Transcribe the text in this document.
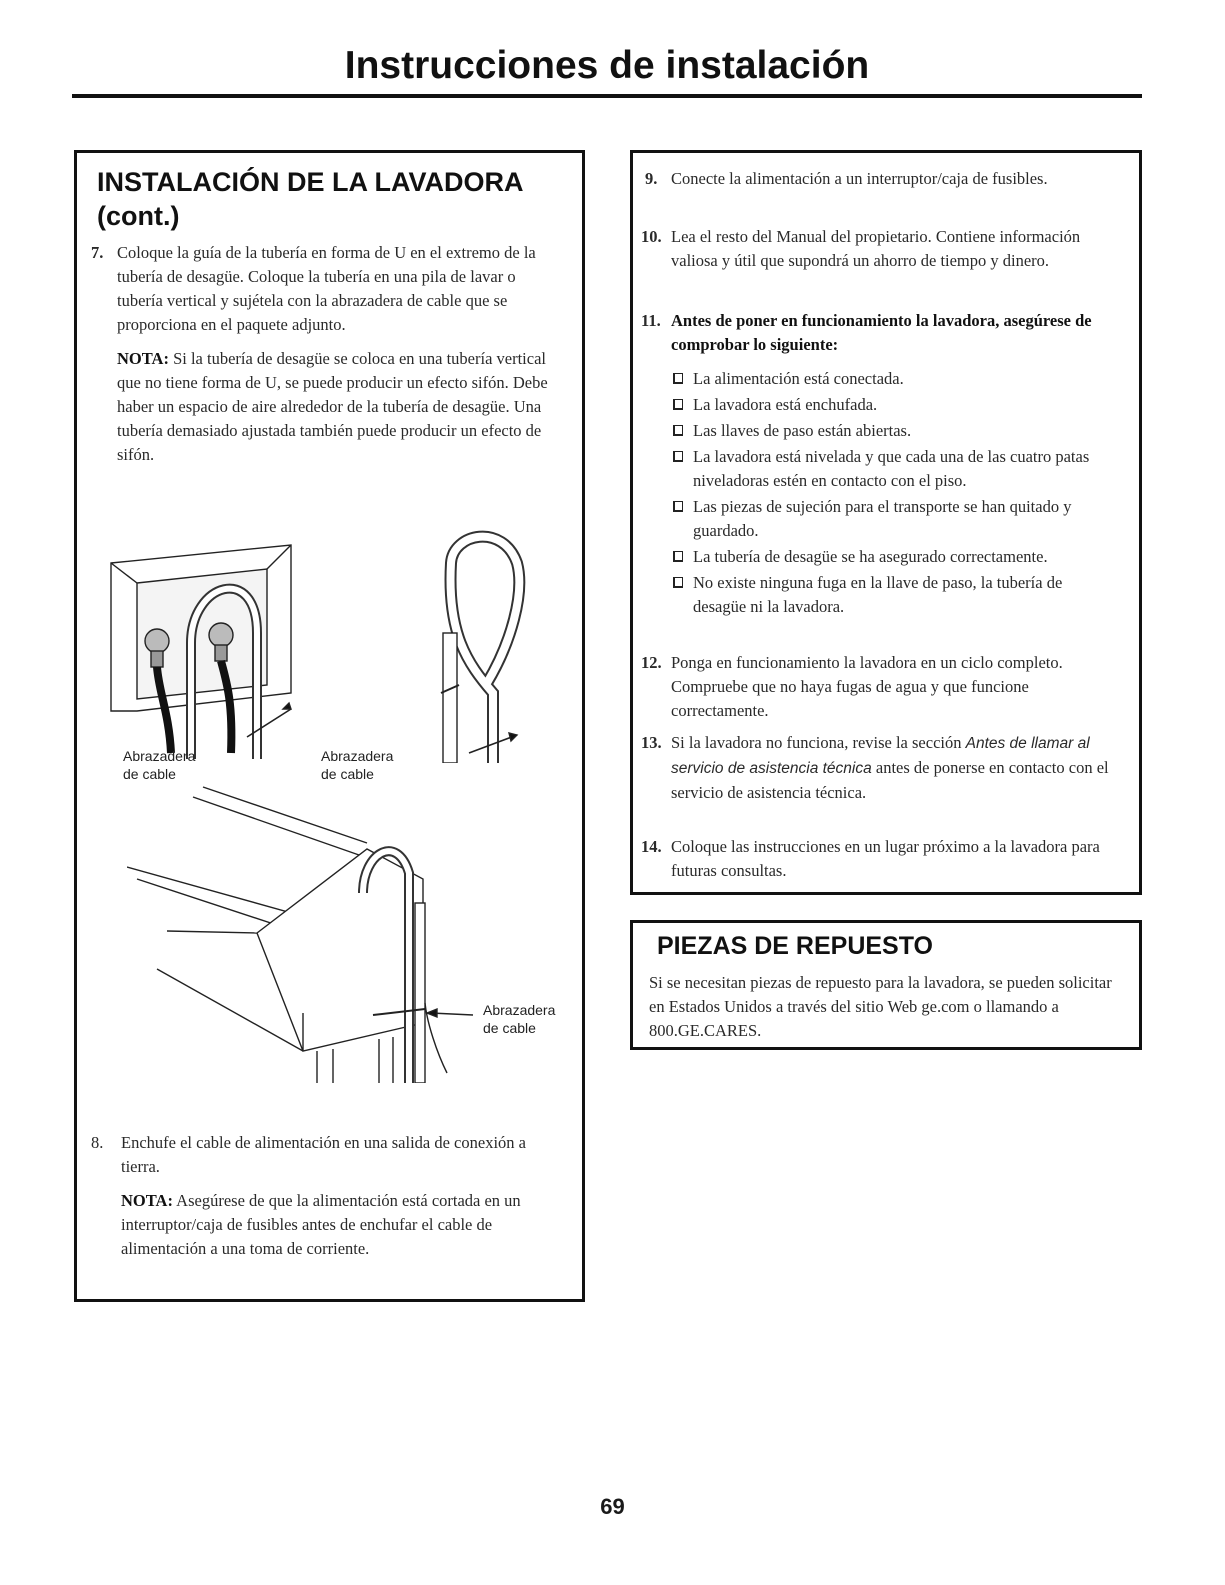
Instrucciones de instalación
INSTALACIÓN DE LA LAVADORA
(cont.)
7. Coloque la guía de la tubería en forma de U en el extremo de la tubería de desagüe. Coloque la tubería en una pila de lavar o tubería vertical y sujétela con la abrazadera de cable que se proporciona en el paquete adjunto.
NOTA: Si la tubería de desagüe se coloca en una tubería vertical que no tiene forma de U, se puede producir un efecto sifón. Debe haber un espacio de aire alrededor de la tubería de desagüe. Una tubería demasiado ajustada también puede producir un efecto de sifón.
Abrazadera
de cable
Abrazadera
de cable
Abrazadera
de cable
8. Enchufe el cable de alimentación en una salida de conexión a tierra.
NOTA: Asegúrese de que la alimentación está cortada en un interruptor/caja de fusibles antes de enchufar el cable de alimentación a una toma de corriente.
9. Conecte la alimentación a un interruptor/caja de fusibles.
10. Lea el resto del Manual del propietario. Contiene información valiosa y útil que supondrá un ahorro de tiempo y dinero.
11. Antes de poner en funcionamiento la lavadora, asegúrese de comprobar lo siguiente:
La alimentación está conectada.
La lavadora está enchufada.
Las llaves de paso están abiertas.
La lavadora está nivelada y que cada una de las cuatro patas niveladoras estén en contacto con el piso.
Las piezas de sujeción para el transporte se han quitado y guardado.
La tubería de desagüe se ha asegurado correctamente.
No existe ninguna fuga en la llave de paso, la tubería de desagüe ni la lavadora.
12. Ponga en funcionamiento la lavadora en un ciclo completo. Compruebe que no haya fugas de agua y que funcione correctamente.
13. Si la lavadora no funciona, revise la sección Antes de llamar al servicio de asistencia técnica antes de ponerse en contacto con el servicio de asistencia técnica.
14. Coloque las instrucciones en un lugar próximo a la lavadora para futuras consultas.
PIEZAS DE REPUESTO
Si se necesitan piezas de repuesto para la lavadora, se pueden solicitar en Estados Unidos a través del sitio Web ge.com o llamando a 800.GE.CARES.
69
